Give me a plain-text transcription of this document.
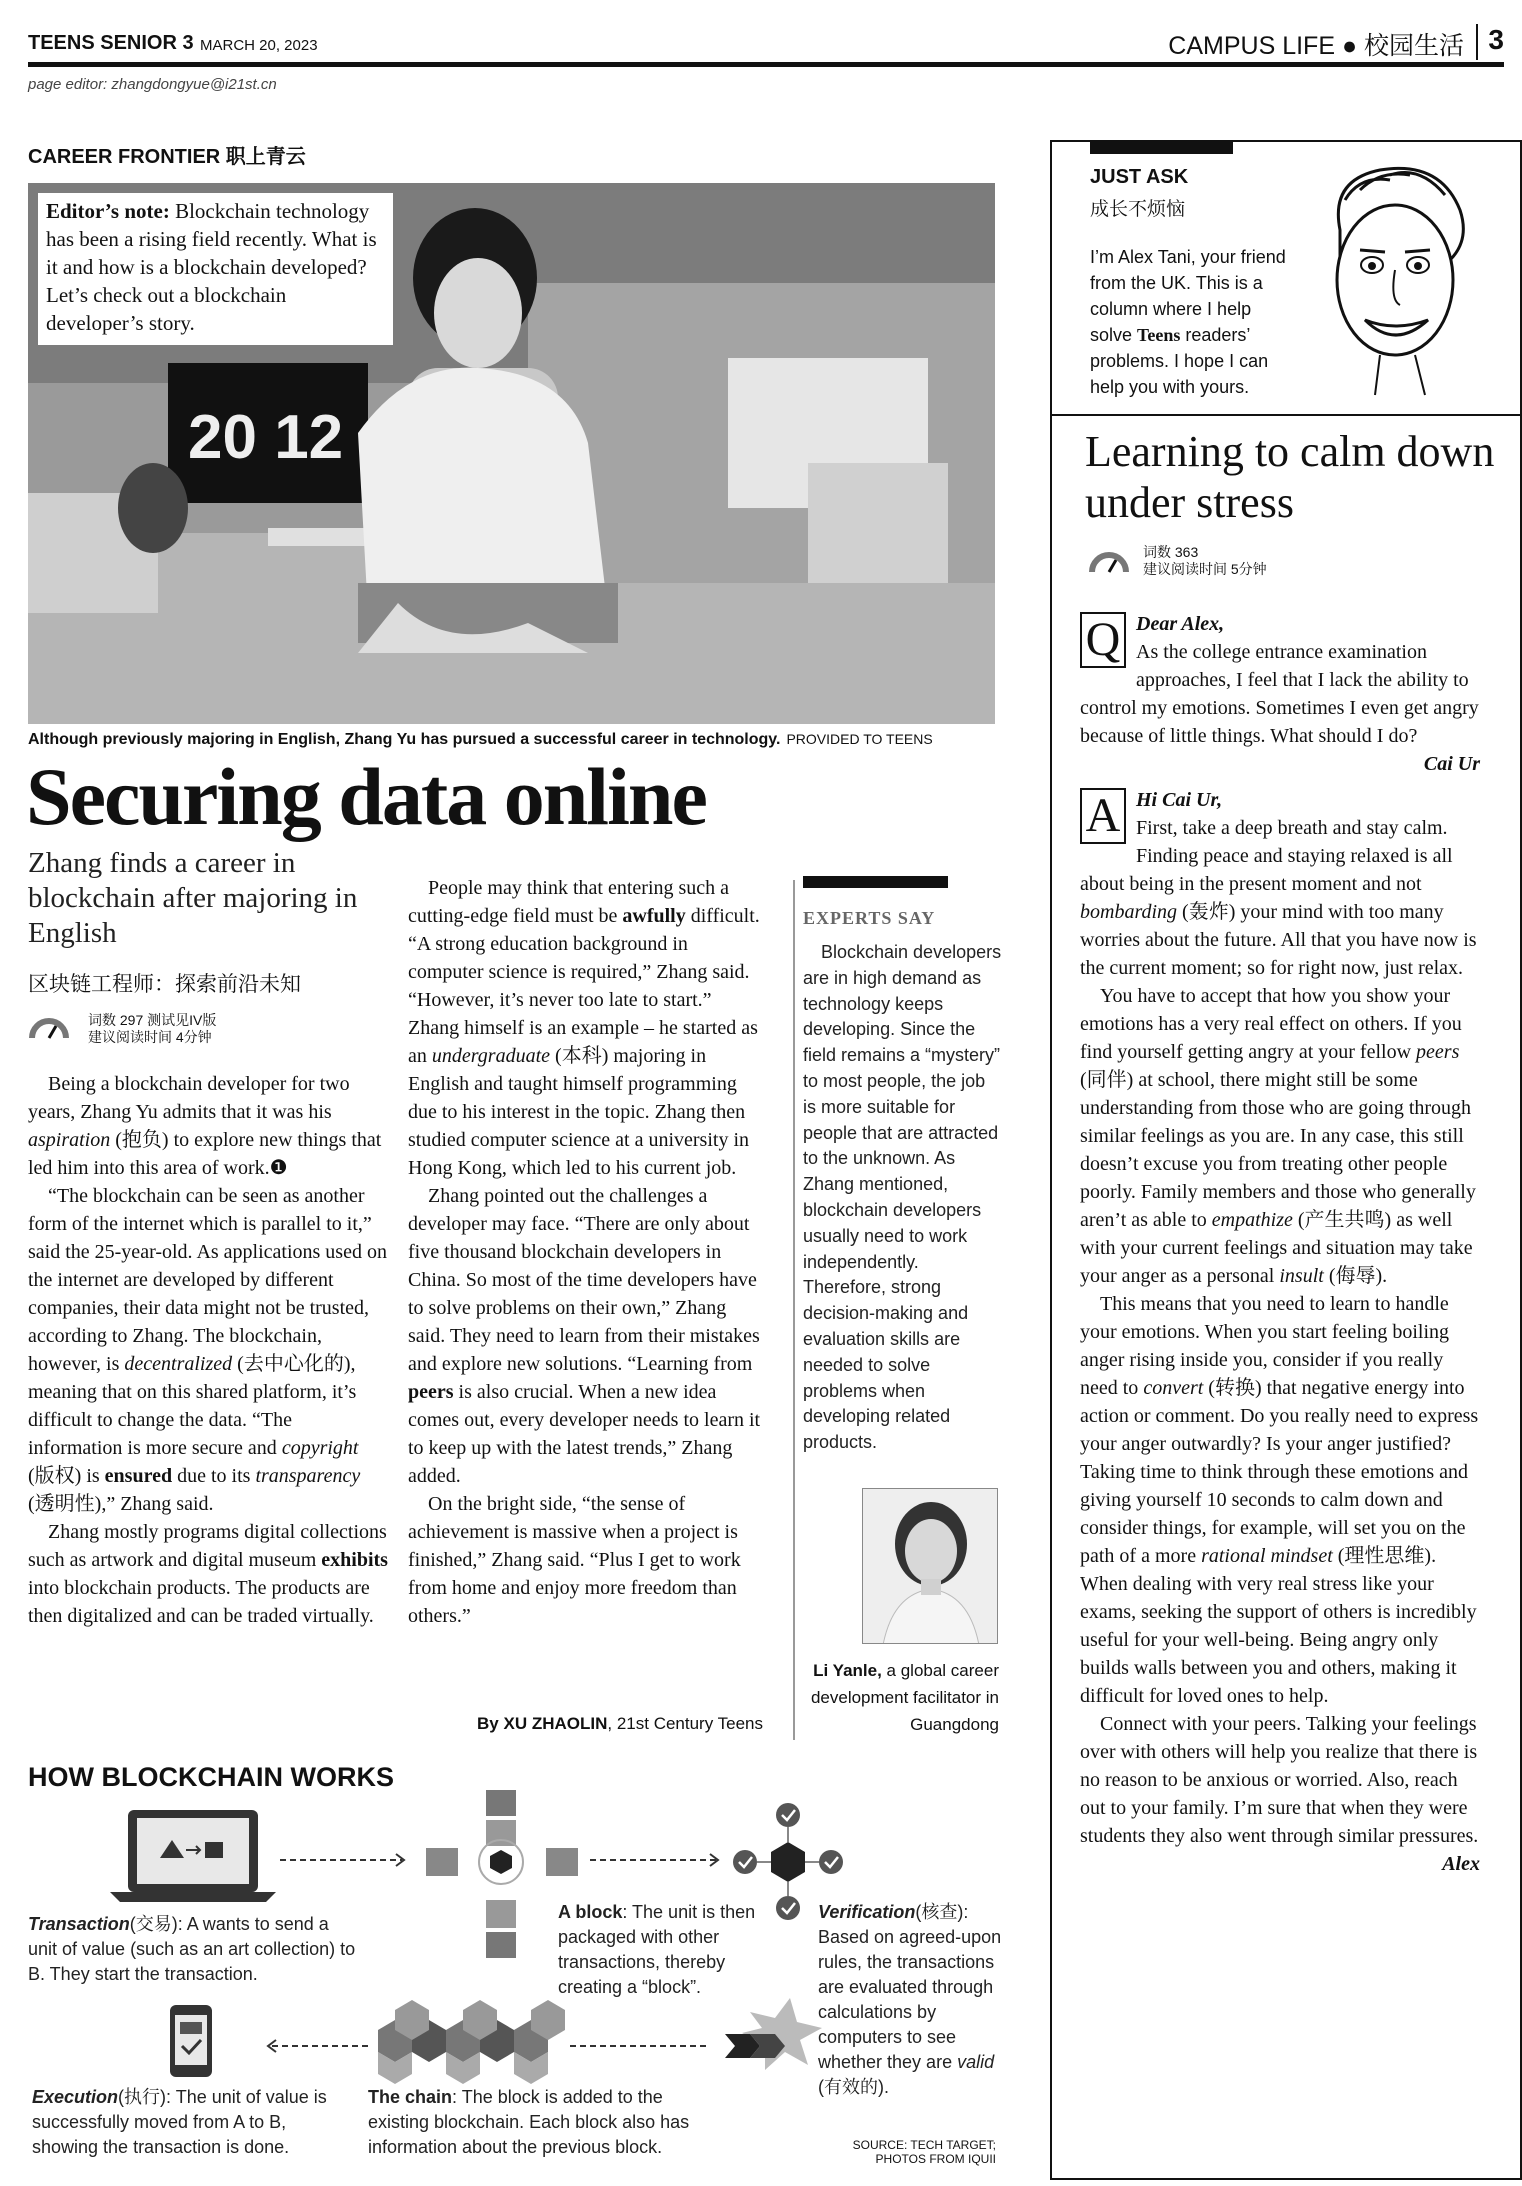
TEENS SENIOR 3 MARCH 20, 2023	CAMPUS LIFE ● 校园生活 3
page editor: zhangdongyue@i21st.cn
CAREER FRONTIER 职上青云
20 12
Editor’s note: Blockchain technology has been a rising field recently. What is it and how is a blockchain developed? Let’s check out a blockchain developer’s story.
Although previously majoring in English, Zhang Yu has pursued a successful career in technology. PROVIDED TO TEENS
Securing data online
Zhang finds a career in blockchain after majoring in English
区块链工程师：探索前沿未知
词数 297 测试见IV版
建议阅读时间 4分钟

Being a blockchain developer for two years, Zhang Yu admits that it was his aspiration (抱负) to explore new things that led him into this area of work.❶

“The blockchain can be seen as another form of the internet which is parallel to it,” said the 25-year-old. As applications used on the internet are developed by different companies, their data might not be trusted, according to Zhang. The blockchain, however, is decentralized (去中心化的), meaning that on this shared platform, it’s difficult to change the data. “The information is more secure and copyright (版权) is ensured due to its transparency (透明性),” Zhang said.

Zhang mostly programs digital collections such as artwork and digital museum exhibits into blockchain products. The products are then digitalized and can be traded virtually.

People may think that entering such a cutting-edge field must be awfully difficult. “A strong education background in computer science is required,” Zhang said. “However, it’s never too late to start.” Zhang himself is an example – he started as an undergraduate (本科) majoring in English and taught himself programming due to his interest in the topic. Zhang then studied computer science at a university in Hong Kong, which led to his current job.

Zhang pointed out the challenges a developer may face. “There are only about five thousand blockchain developers in China. So most of the time developers have to solve problems on their own,” Zhang said. They need to learn from their mistakes and explore new solutions. “Learning from peers is also crucial. When a new idea comes out, every developer needs to learn it to keep up with the latest trends,” Zhang added.

On the bright side, “the sense of achievement is massive when a project is finished,” Zhang said. “Plus I get to work from home and enjoy more freedom than others.”

By XU ZHAOLIN, 21st Century Teens
EXPERTS SAY
Blockchain developers are in high demand as technology keeps developing. Since the field remains a “mystery” to most people, the job is more suitable for people that are attracted to the unknown. As Zhang mentioned, blockchain developers usually need to work independently. Therefore, strong decision-making and evaluation skills are needed to solve problems when developing related products.
Li Yanle, a global career development facilitator in Guangdong
JUST ASK
成长不烦恼
I’m Alex Tani, your friend from the UK. This is a column where I help solve Teens readers’ problems. I hope I can help you with yours.
Learning to calm down under stress
词数 363
建议阅读时间 5分钟
Q Dear Alex,
As the college entrance examination approaches, I feel that I lack the ability to control my emotions. Sometimes I even get angry because of little things. What should I do?
Cai Ur
A Hi Cai Ur,
First, take a deep breath and stay calm. Finding peace and staying relaxed is all about being in the present moment and not bombarding (轰炸) your mind with too many worries about the future. All that you have now is the current moment; so for right now, just relax.

You have to accept that how you show your emotions has a very real effect on others. If you find yourself getting angry at your fellow peers (同伴) at school, there might still be some understanding from those who are going through similar feelings as you are. In any case, this still doesn’t excuse you from treating other people poorly. Family members and those who generally aren’t as able to empathize (产生共鸣) as well with your current feelings and situation may take your anger as a personal insult (侮辱).

This means that you need to learn to handle your emotions. When you start feeling boiling anger rising inside you, consider if you really need to convert (转换) that negative energy into action or comment. Do you really need to express your anger outwardly? Is your anger justified? Taking time to think through these emotions and giving yourself 10 seconds to calm down and consider things, for example, will set you on the path of a more rational mindset (理性思维). When dealing with very real stress like your exams, seeking the support of others is incredibly useful for your well-being. Being angry only builds walls between you and others, making it difficult for loved ones to help.

Connect with your peers. Talking your feelings over with others will help you realize that there is no reason to be anxious or worried. Also, reach out to your family. I’m sure that when they were students they also went through similar pressures.

Alex
HOW BLOCKCHAIN WORKS
Transaction(交易): A wants to send a unit of value (such as an art collection) to B. They start the transaction.
A block: The unit is then packaged with other transactions, thereby creating a “block”.
Verification(核查): Based on agreed-upon rules, the transactions are evaluated through calculations by computers to see whether they are valid (有效的).
Execution(执行): The unit of value is successfully moved from A to B, showing the transaction is done.
The chain: The block is added to the existing blockchain. Each block also has information about the previous block.	SOURCE: TECH TARGET;
PHOTOS FROM IQUII
